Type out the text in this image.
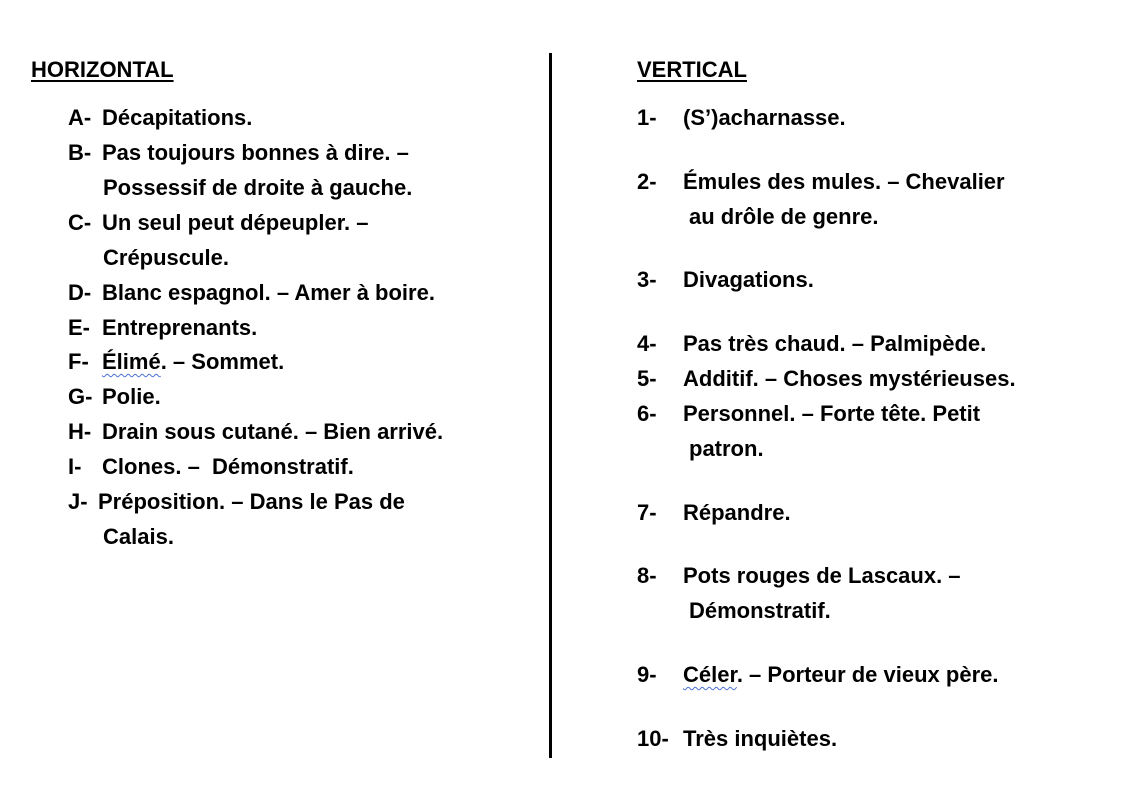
HORIZONTAL	VERTICAL
A- Décapitations.
B- Pas toujours bonnes à dire. –
Possessif de droite à gauche.
C- Un seul peut dépeupler. –
Crépuscule.
D- Blanc espagnol. – Amer à boire.
E- Entreprenants.
F- Élimé. – Sommet.
G- Polie.
H- Drain sous cutané. – Bien arrivé.
I- Clones. –  Démonstratif.
J- Préposition. – Dans le Pas de
Calais.
1-	(S’)acharnasse.
2-	Émules des mules. – Chevalier
au drôle de genre.
3-	Divagations.
4-	Pas très chaud. – Palmipède.
5-	Additif. – Choses mystérieuses.
6-	Personnel. – Forte tête. Petit
patron.
7-	Répandre.
8-	Pots rouges de Lascaux. –
Démonstratif.
9-	Céler. – Porteur de vieux père.
10- Très inquiètes.
